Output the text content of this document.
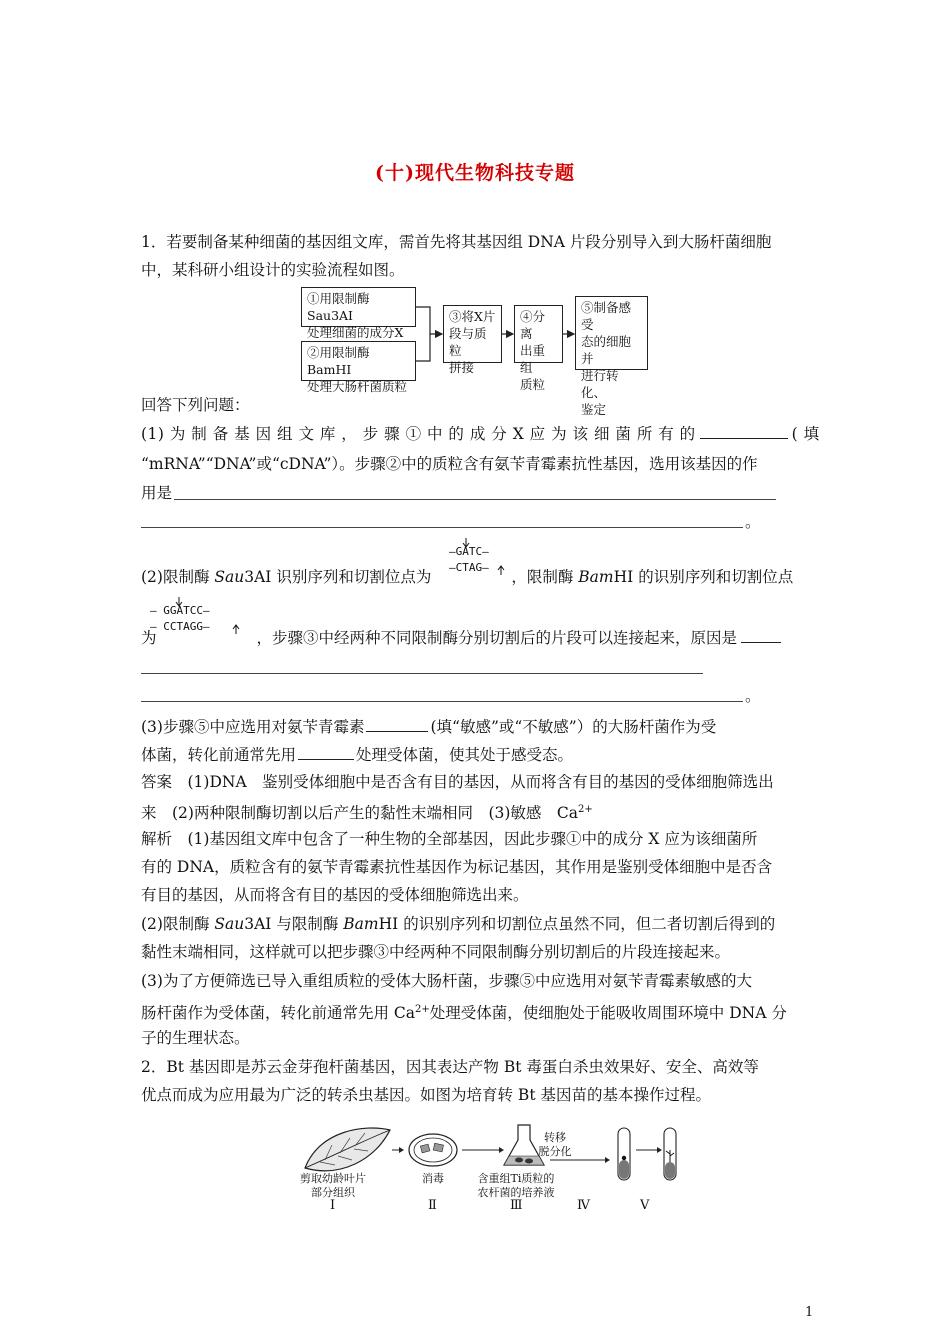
(十)现代生物科技专题
1．若要制备某种细菌的基因组文库，需首先将其基因组 DNA 片段分别导入到大肠杆菌细胞
中，某科研小组设计的实验流程如图。
①用限制酶Sau3AⅠ
处理细菌的成分X
②用限制酶BamHⅠ
处理大肠杆菌质粒
③将X片
段与质粒
拼接
④分离
出重组
质粒
⑤制备感受
态的细胞并
进行转化、
鉴定
回答下列问题：
(1) 为 制 备 基 因 组 文 库 ， 步 骤 ① 中 的 成 分 X 应 为 该 细 菌 所 有 的	( 填
“mRNA”“DNA”或“cDNA”）。步骤②中的质粒含有氨苄青霉素抗性基因，选用该基因的作
用是
。
—GATC—
—CTAG—
(2)限制酶 Sau3AⅠ 识别序列和切割位点为	，限制酶 BamHⅠ 的识别序列和切割位点
— GGATCC—
— CCTAGG—
为	，步骤③中经两种不同限制酶分别切割后的片段可以连接起来，原因是
。
(3)步骤⑤中应选用对氨苄青霉素	(填“敏感”或“不敏感”）的大肠杆菌作为受
体菌，转化前通常先用	处理受体菌，使其处于感受态。
答案　(1)DNA　鉴别受体细胞中是否含有目的基因，从而将含有目的基因的受体细胞筛选出
来　(2)两种限制酶切割以后产生的黏性末端相同　(3)敏感　$Ca^{2+}$
解析　(1)基因组文库中包含了一种生物的全部基因，因此步骤①中的成分 X 应为该细菌所
有的 DNA，质粒含有的氨苄青霉素抗性基因作为标记基因，其作用是鉴别受体细胞中是否含
有目的基因，从而将含有目的基因的受体细胞筛选出来。
(2)限制酶 Sau3AⅠ 与限制酶 BamHⅠ 的识别序列和切割位点虽然不同，但二者切割后得到的
黏性末端相同，这样就可以把步骤③中经两种不同限制酶分别切割后的片段连接起来。
(3)为了方便筛选已导入重组质粒的受体大肠杆菌，步骤⑤中应选用对氨苄青霉素敏感的大
肠杆菌作为受体菌，转化前通常先用 $Ca^{2+}$处理受体菌，使细胞处于能吸收周围环境中 DNA 分
子的生理状态。
2．Bt 基因即是苏云金芽孢杆菌基因，因其表达产物 Bt 毒蛋白杀虫效果好、安全、高效等
优点而成为应用最为广泛的转杀虫基因。如图为培育转 Bt 基因苗的基本操作过程。
剪取幼龄叶片
部分组织
消毒	含重组Ti质粒的
农杆菌的培养液
转移
脱分化
Ⅰ	Ⅱ	Ⅲ	Ⅳ	Ⅴ
1
